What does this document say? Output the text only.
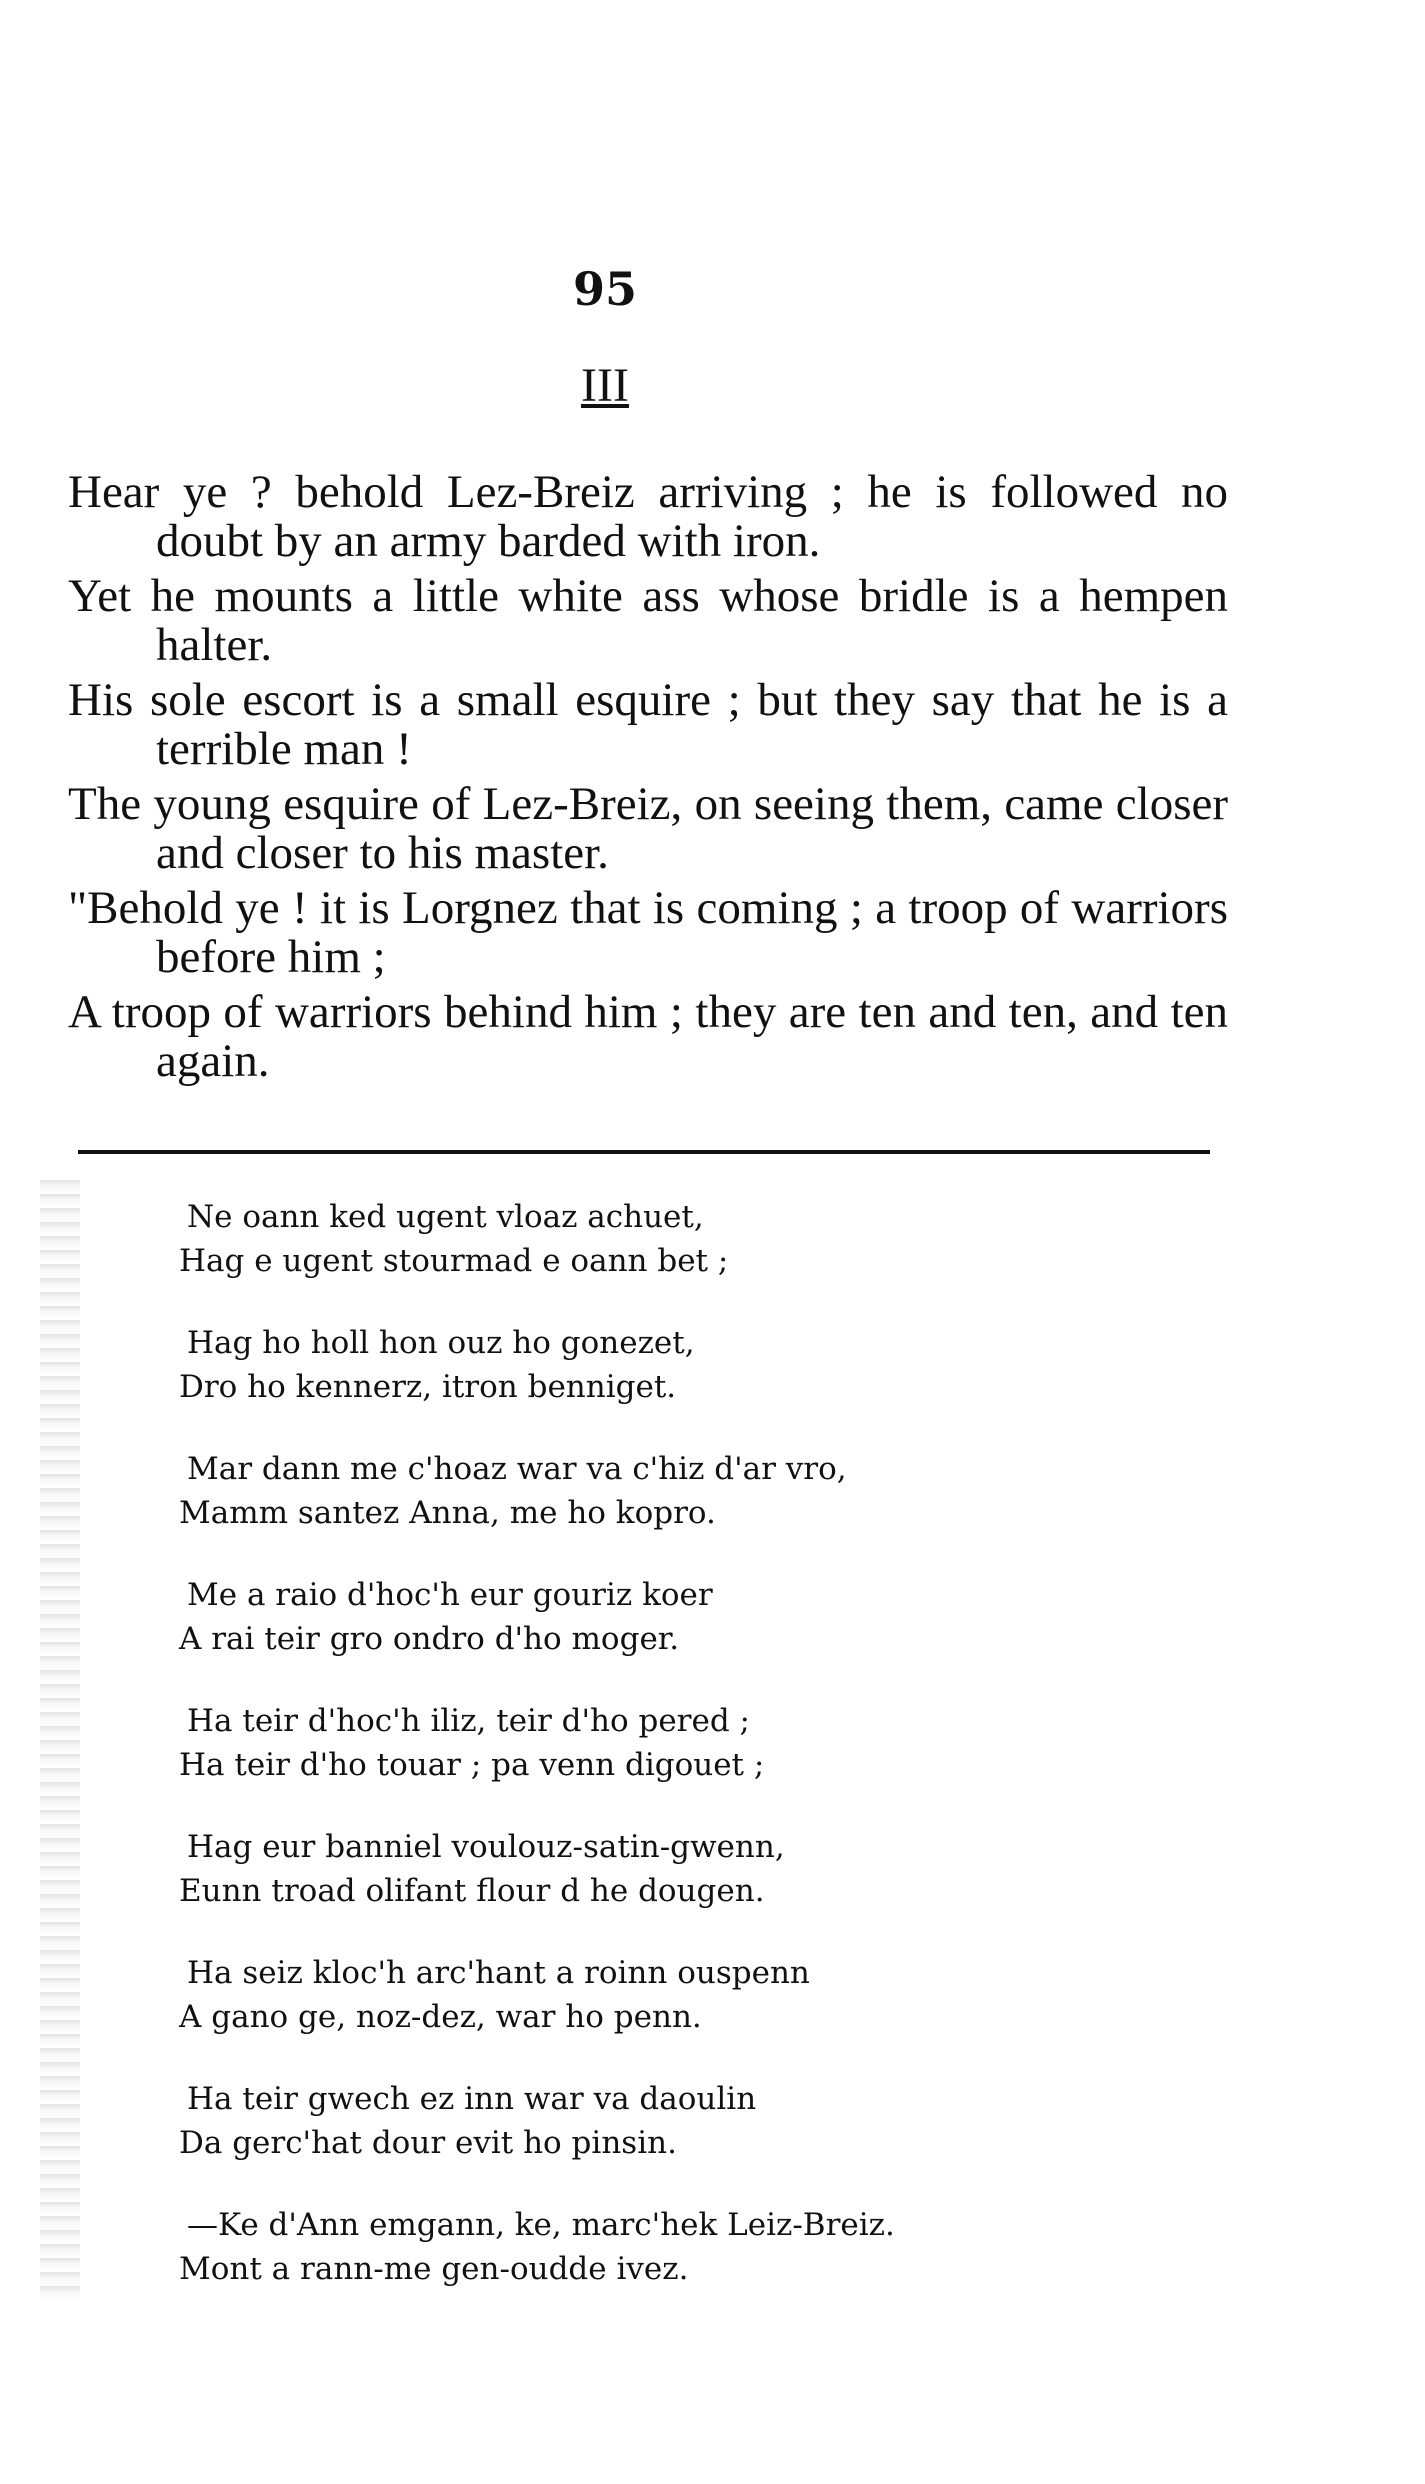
95
III
Hear ye ? behold Lez-Breiz arriving ; he is followed no doubt by an army barded with iron.
Yet he mounts a little white ass whose bridle is a hempen halter.
His sole escort is a small esquire ; but they say that he is a terrible man !
The young esquire of Lez-Breiz, on seeing them, came closer and closer to his master.
"Behold ye ! it is Lorgnez that is coming ; a troop of warriors before him ;
A troop of warriors behind him ; they are ten and ten, and ten again.
Ne oann ked ugent vloaz achuet,
Hag e ugent stourmad e oann bet ;
Hag ho holl hon ouz ho gonezet,
Dro ho kennerz, itron benniget.
Mar dann me c'hoaz war va c'hiz d'ar vro,
Mamm santez Anna, me ho kopro.
Me a raio d'hoc'h eur gouriz koer
A rai teir gro ondro d'ho moger.
Ha teir d'hoc'h iliz, teir d'ho pered ;
Ha teir d'ho touar ; pa venn digouet ;
Hag eur banniel voulouz-satin-gwenn,
Eunn troad olifant flour d he dougen.
Ha seiz kloc'h arc'hant a roinn ouspenn
A gano ge, noz-dez, war ho penn.
Ha teir gwech ez inn war va daoulin
Da gerc'hat dour evit ho pinsin.
—Ke d'Ann emgann, ke, marc'hek Leiz-Breiz.
Mont a rann-me gen-oudde ivez.
